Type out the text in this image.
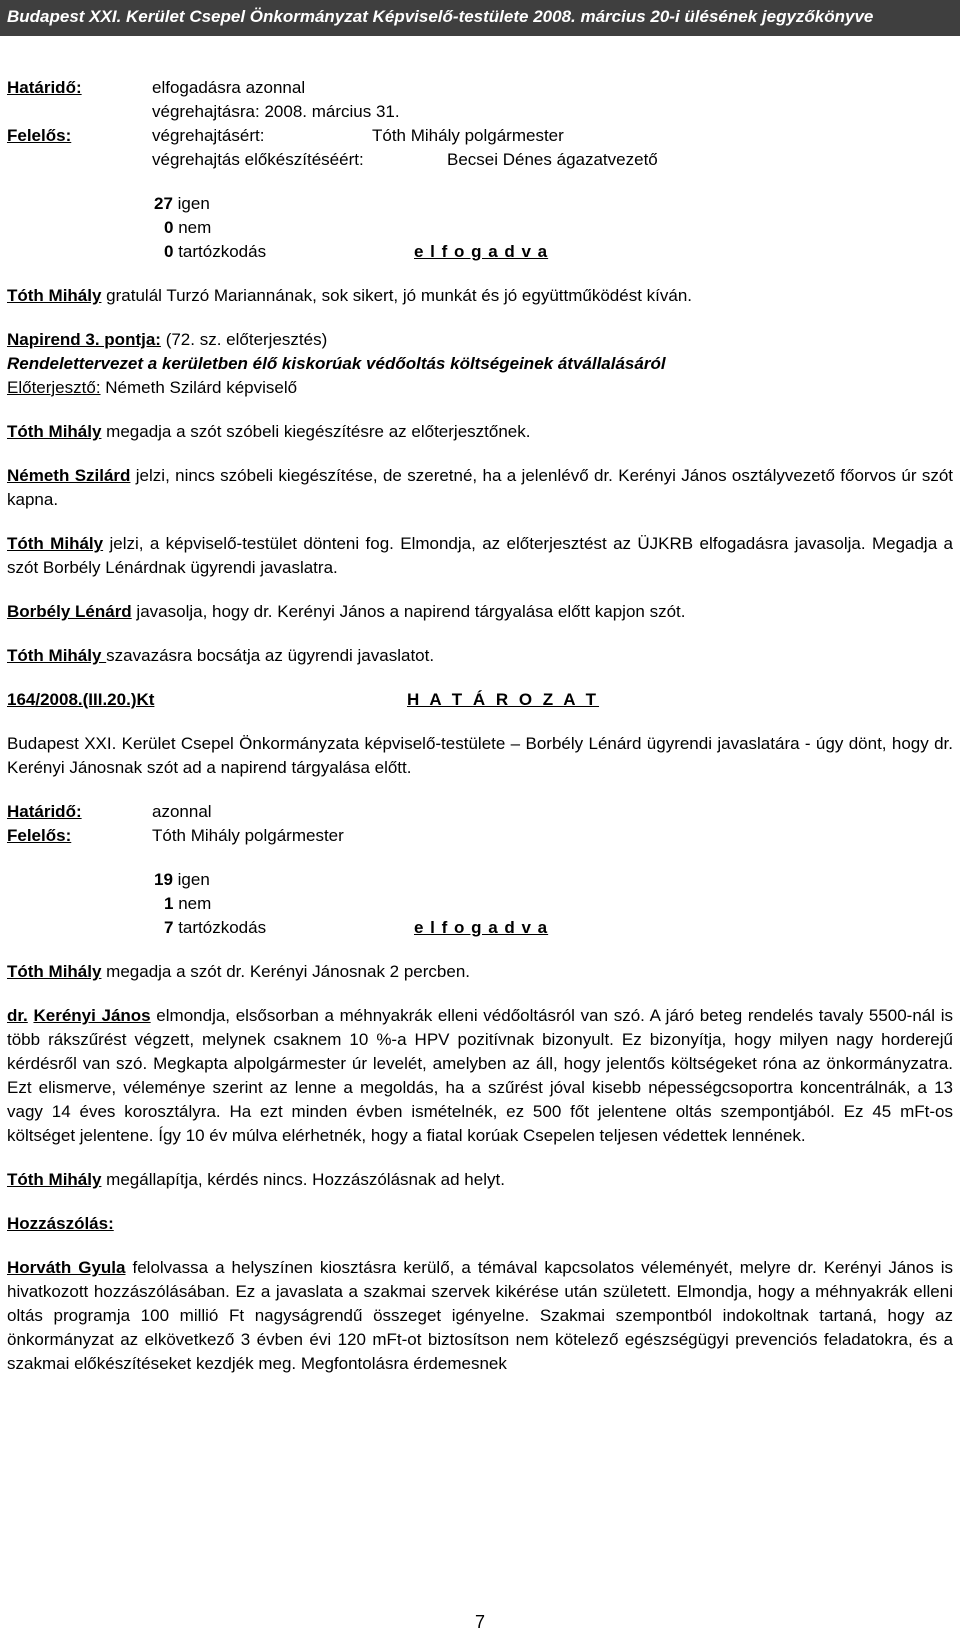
Budapest XXI. Kerület Csepel Önkormányzat Képviselő-testülete 2008. március 20-i ülésének jegyzőkönyve
Határidő:	elfogadásra azonnal
végrehajtásra: 2008. március 31.
Felelős:	végrehajtásért:	Tóth Mihály polgármester
végrehajtás előkészítéséért:	Becsei Dénes ágazatvezető
27 igen
0 nem
0 tartózkodás	e l f o g a d v a
Tóth Mihály gratulál Turzó Mariannának, sok sikert, jó munkát és jó együttműködést kíván.
Napirend 3. pontja: (72. sz. előterjesztés)
Rendelettervezet a kerületben élő kiskorúak védőoltás költségeinek átvállalásáról
Előterjesztő: Németh Szilárd képviselő
Tóth Mihály megadja a szót szóbeli kiegészítésre az előterjesztőnek.
Németh Szilárd jelzi, nincs szóbeli kiegészítése, de szeretné, ha a jelenlévő dr. Kerényi János osztályvezető főorvos úr szót kapna.
Tóth Mihály jelzi, a képviselő-testület dönteni fog. Elmondja, az előterjesztést az ÜJKRB elfogadásra javasolja. Megadja a szót Borbély Lénárdnak ügyrendi javaslatra.
Borbély Lénárd javasolja, hogy dr. Kerényi János a napirend tárgyalása előtt kapjon szót.
Tóth Mihály szavazásra bocsátja az ügyrendi javaslatot.
164/2008.(III.20.)Kt	H A T Á R O Z A T
Budapest XXI. Kerület Csepel Önkormányzata képviselő-testülete – Borbély Lénárd ügyrendi javaslatára - úgy dönt, hogy dr. Kerényi Jánosnak szót ad a napirend tárgyalása előtt.
Határidő:	azonnal
Felelős:	Tóth Mihály polgármester
19 igen
1 nem
7 tartózkodás	e l f o g a d v a
Tóth Mihály megadja a szót dr. Kerényi Jánosnak 2 percben.
dr. Kerényi János elmondja, elsősorban a méhnyakrák elleni védőoltásról van szó. A járó beteg rendelés tavaly 5500-nál is több rákszűrést végzett, melynek csaknem 10 %-a HPV pozitívnak bizonyult. Ez bizonyítja, hogy milyen nagy horderejű kérdésről van szó. Megkapta alpolgármester úr levelét, amelyben az áll, hogy jelentős költségeket róna az önkormányzatra. Ezt elismerve, véleménye szerint az lenne a megoldás, ha a szűrést jóval kisebb népességcsoportra koncentrálnák, a 13 vagy 14 éves korosztályra. Ha ezt minden évben ismételnék, ez 500 főt jelentene oltás szempontjából. Ez 45 mFt-os költséget jelentene. Így 10 év múlva elérhetnék, hogy a fiatal korúak Csepelen teljesen védettek lennének.
Tóth Mihály megállapítja, kérdés nincs. Hozzászólásnak ad helyt.
Hozzászólás:
Horváth Gyula felolvassa a helyszínen kiosztásra kerülő, a témával kapcsolatos véleményét, melyre dr. Kerényi János is hivatkozott hozzászólásában. Ez a javaslata a szakmai szervek kikérése után született. Elmondja, hogy a méhnyakrák elleni oltás programja 100 millió Ft nagyságrendű összeget igényelne. Szakmai szempontból indokoltnak tartaná, hogy az önkormányzat az elkövetkező 3 évben évi 120 mFt-ot biztosítson nem kötelező egészségügyi prevenciós feladatokra, és a szakmai előkészítéseket kezdjék meg. Megfontolásra érdemesnek
7
